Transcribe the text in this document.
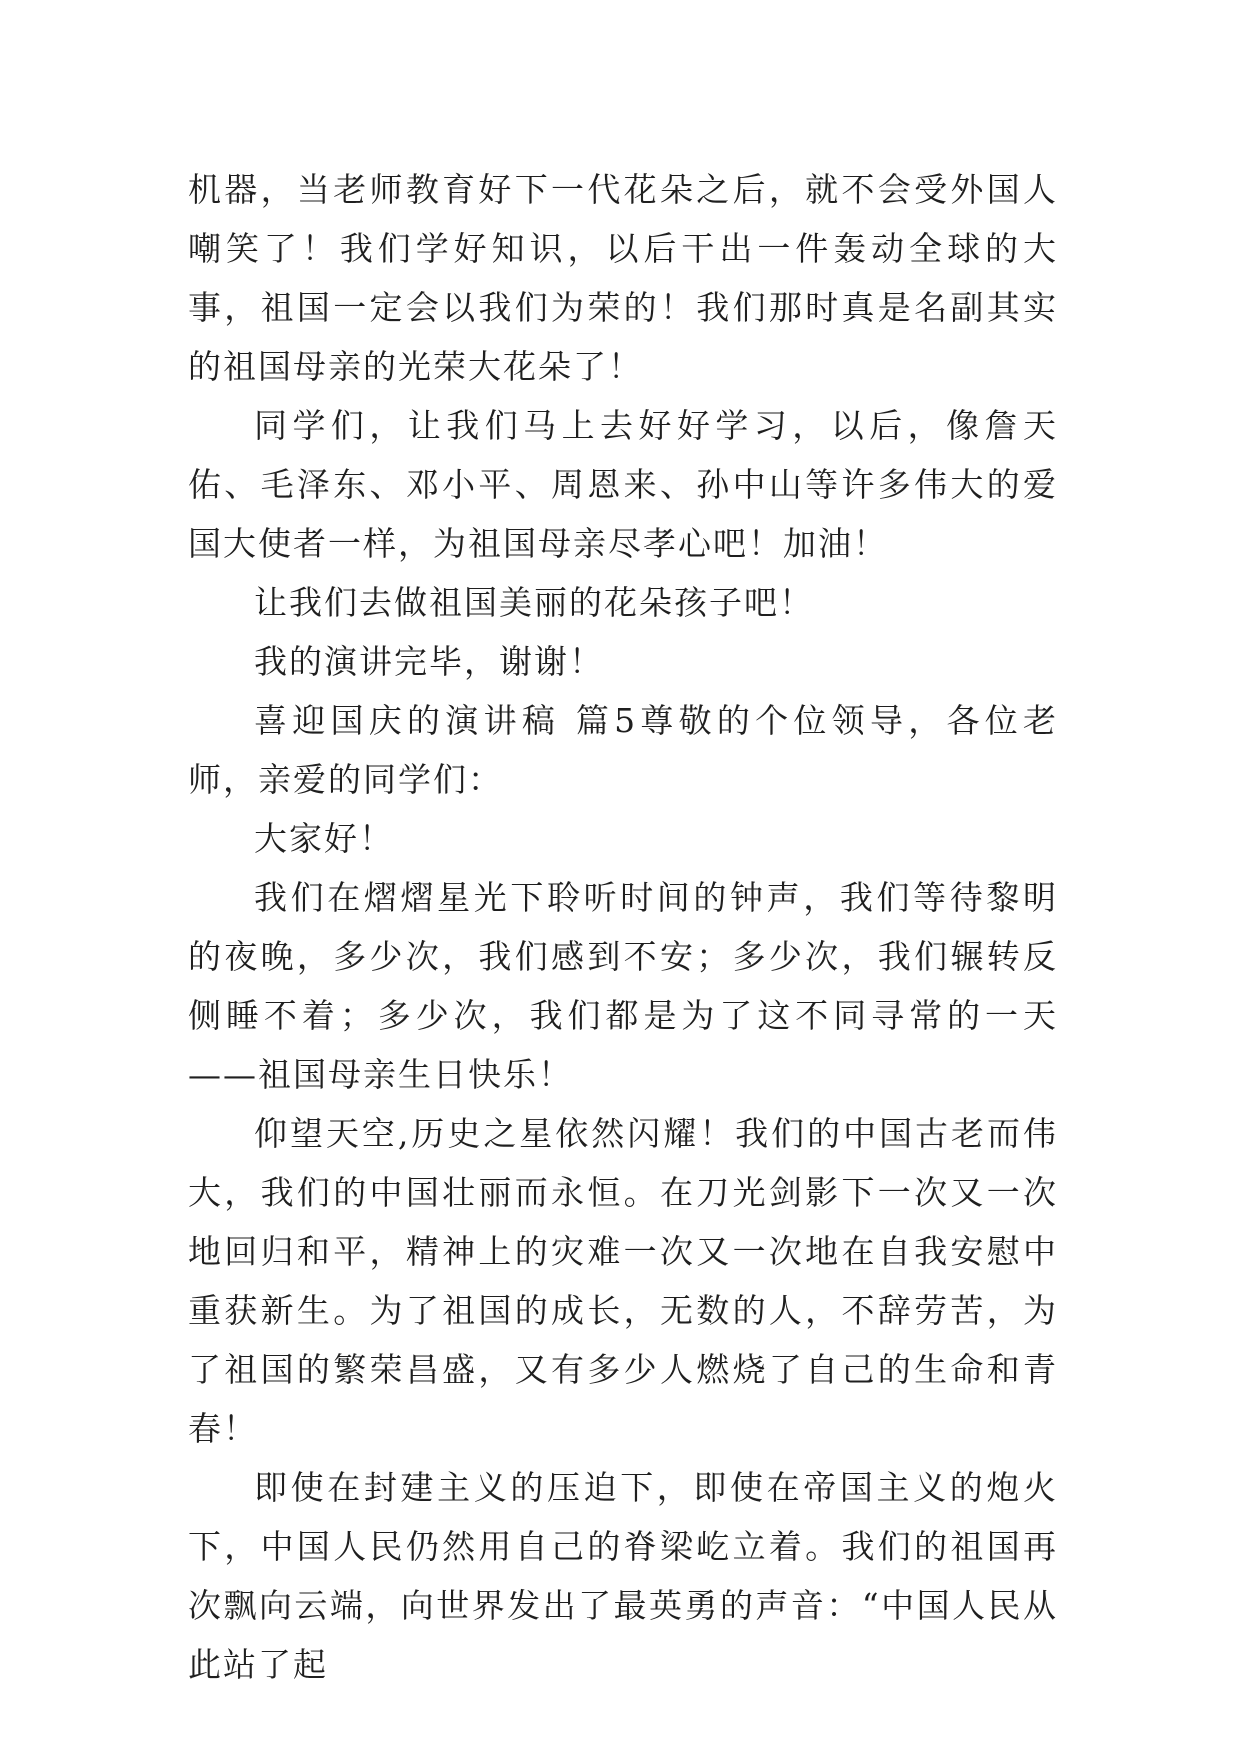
机器，当老师教育好下一代花朵之后，就不会受外国人嘲笑了！我们学好知识，以后干出一件轰动全球的大事，祖国一定会以我们为荣的！我们那时真是名副其实的祖国母亲的光荣大花朵了！

同学们，让我们马上去好好学习，以后，像詹天佑、毛泽东、邓小平、周恩来、孙中山等许多伟大的爱国大使者一样，为祖国母亲尽孝心吧！加油！

让我们去做祖国美丽的花朵孩子吧！

我的演讲完毕，谢谢！

喜迎国庆的演讲稿 篇5尊敬的个位领导，各位老师，亲爱的同学们：

大家好！

我们在熠熠星光下聆听时间的钟声，我们等待黎明的夜晚，多少次，我们感到不安；多少次，我们辗转反侧睡不着；多少次，我们都是为了这不同寻常的一天——祖国母亲生日快乐！

仰望天空,历史之星依然闪耀！我们的中国古老而伟大，我们的中国壮丽而永恒。在刀光剑影下一次又一次地回归和平，精神上的灾难一次又一次地在自我安慰中重获新生。为了祖国的成长，无数的人，不辞劳苦，为了祖国的繁荣昌盛，又有多少人燃烧了自己的生命和青春！

即使在封建主义的压迫下，即使在帝国主义的炮火下，中国人民仍然用自己的脊梁屹立着。我们的祖国再次飘向云端，向世界发出了最英勇的声音：“中国人民从此站了起
